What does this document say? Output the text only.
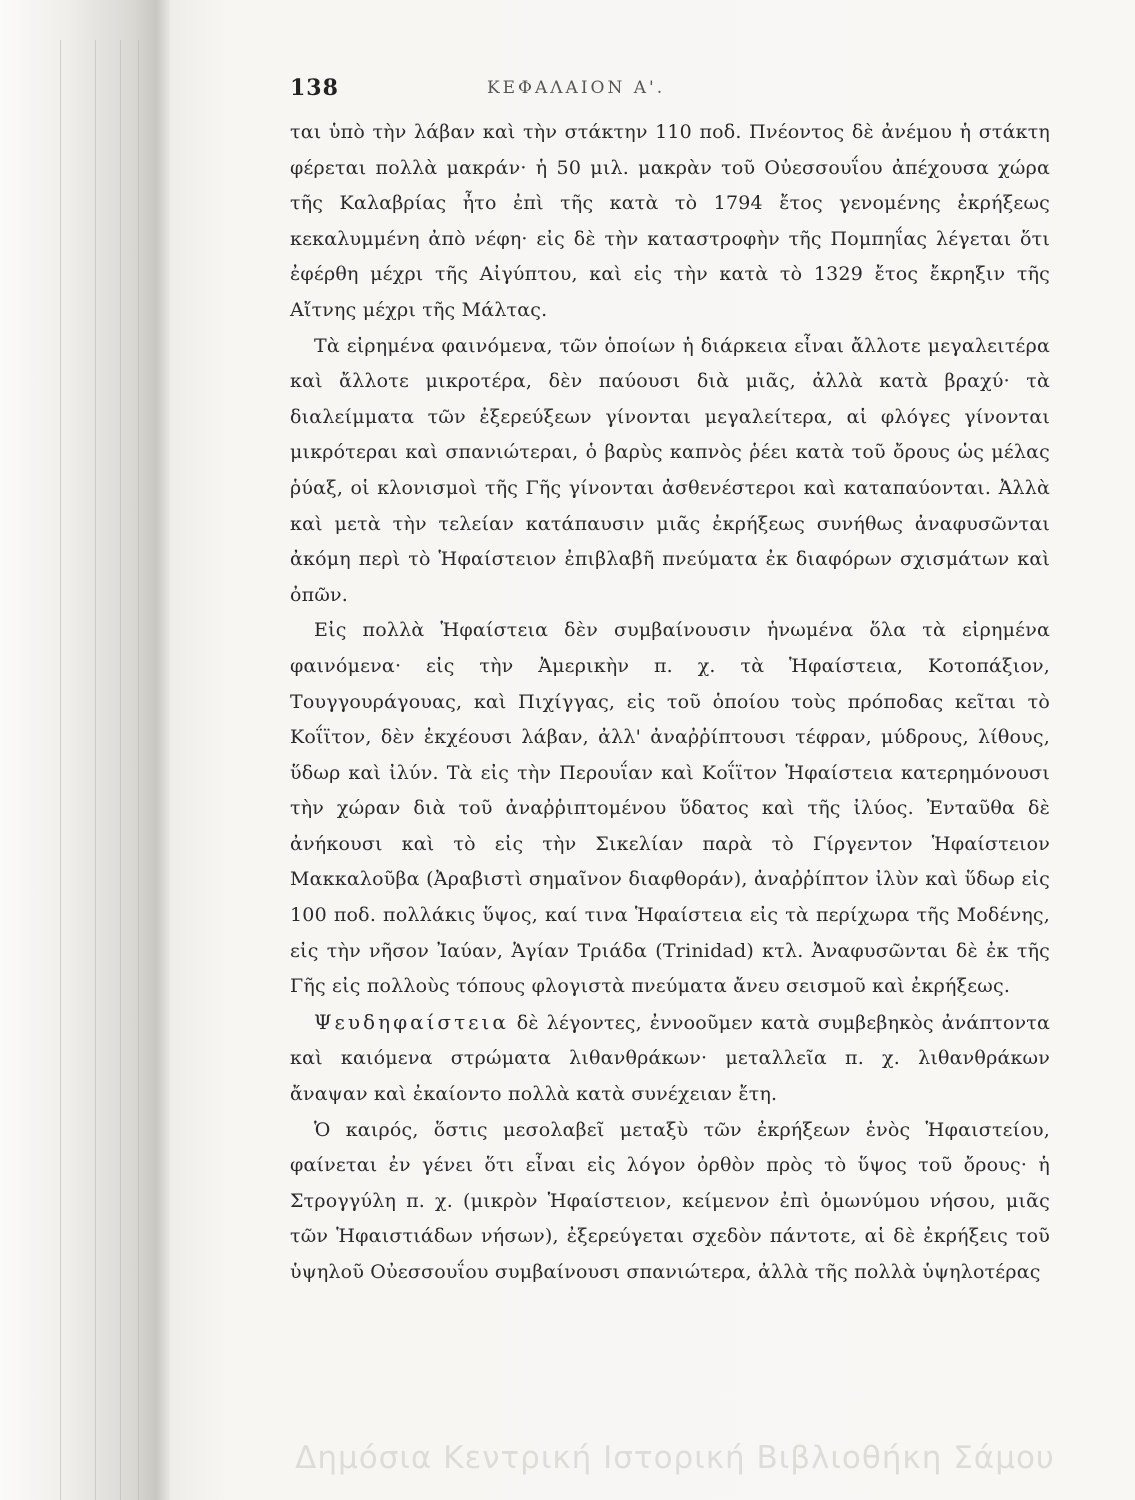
138	ΚΕΦΑΛΑΙΟΝ Α'.

ται ὑπὸ τὴν λάβαν καὶ τὴν στάκτην 110 ποδ. Πνέοντος δὲ ἀνέμου ἡ στάκτη φέρεται πολλὰ μακράν· ἡ 50 μιλ. μακρὰν τοῦ Οὐεσσουΐου ἀπέχουσα χώρα τῆς Καλαβρίας ἦτο ἐπὶ τῆς κατὰ τὸ 1794 ἔτος γενομένης ἐκρήξεως κεκαλυμμένη ἀπὸ νέφη· εἰς δὲ τὴν καταστροφὴν τῆς Πομπηΐας λέγεται ὅτι ἐφέρθη μέχρι τῆς Αἰγύπτου, καὶ εἰς τὴν κατὰ τὸ 1329 ἔτος ἔκρηξιν τῆς Αἴτνης μέχρι τῆς Μάλτας.

Τὰ εἰρημένα φαινόμενα, τῶν ὁποίων ἡ διάρκεια εἶναι ἄλλοτε μεγαλειτέρα καὶ ἄλλοτε μικροτέρα, δὲν παύουσι διὰ μιᾶς, ἀλλὰ κατὰ βραχύ· τὰ διαλείμματα τῶν ἐξερεύξεων γίνονται μεγαλείτερα, αἱ φλόγες γίνονται μικρότεραι καὶ σπανιώτεραι, ὁ βαρὺς καπνὸς ῥέει κατὰ τοῦ ὄρους ὡς μέλας ῥύαξ, οἱ κλονισμοὶ τῆς Γῆς γίνονται ἀσθενέστεροι καὶ καταπαύονται. Ἀλλὰ καὶ μετὰ τὴν τελείαν κατάπαυσιν μιᾶς ἐκρήξεως συνήθως ἀναφυσῶνται ἀκόμη περὶ τὸ Ἡφαίστειον ἐπιβλαβῆ πνεύματα ἐκ διαφόρων σχισμάτων καὶ ὀπῶν.

Εἰς πολλὰ Ἡφαίστεια δὲν συμβαίνουσιν ἡνωμένα ὅλα τὰ εἰρημένα φαινόμενα· εἰς τὴν Ἀμερικὴν π. χ. τὰ Ἡφαίστεια, Κοτοπάξιον, Τουγγουράγουας, καὶ Πιχίγγας, εἰς τοῦ ὁποίου τοὺς πρόποδας κεῖται τὸ Κοΐϊτον, δὲν ἐκχέουσι λάβαν, ἀλλ' ἀναῤῥίπτουσι τέφραν, μύδρους, λίθους, ὕδωρ καὶ ἰλύν. Τὰ εἰς τὴν Περουΐαν καὶ Κοΐϊτον Ἡφαίστεια κατερημόνουσι τὴν χώραν διὰ τοῦ ἀναῤῥιπτομένου ὕδατος καὶ τῆς ἰλύος. Ἐνταῦθα δὲ ἀνήκουσι καὶ τὸ εἰς τὴν Σικελίαν παρὰ τὸ Γίργεντον Ἡφαίστειον Μακκαλοῦβα (Ἀραβιστὶ σημαῖνον διαφθοράν), ἀναῤῥίπτον ἰλὺν καὶ ὕδωρ εἰς 100 ποδ. πολλάκις ὕψος, καί τινα Ἡφαίστεια εἰς τὰ περίχωρα τῆς Μοδένης, εἰς τὴν νῆσον Ἰαύαν, Ἁγίαν Τριάδα (Trinidad) κτλ. Ἀναφυσῶνται δὲ ἐκ τῆς Γῆς εἰς πολλοὺς τόπους φλογιστὰ πνεύματα ἄνευ σεισμοῦ καὶ ἐκρήξεως.

Ψευδηφαίστεια δὲ λέγοντες, ἐννοοῦμεν κατὰ συμβεβηκὸς ἀνάπτοντα καὶ καιόμενα στρώματα λιθανθράκων· μεταλλεῖα π. χ. λιθανθράκων ἄναψαν καὶ ἐκαίοντο πολλὰ κατὰ συνέχειαν ἔτη.

Ὁ καιρός, ὅστις μεσολαβεῖ μεταξὺ τῶν ἐκρήξεων ἑνὸς Ἡφαιστείου, φαίνεται ἐν γένει ὅτι εἶναι εἰς λόγον ὀρθὸν πρὸς τὸ ὕψος τοῦ ὄρους· ἡ Στρογγύλη π. χ. (μικρὸν Ἡφαίστειον, κείμενον ἐπὶ ὁμωνύμου νήσου, μιᾶς τῶν Ἡφαιστιάδων νήσων), ἐξερεύγεται σχεδὸν πάντοτε, αἱ δὲ ἐκρήξεις τοῦ ὑψηλοῦ Οὐεσσουΐου συμβαίνουσι σπανιώτερα, ἀλλὰ τῆς πολλὰ ὑψηλοτέρας

Δημόσια Κεντρική Ιστορική Βιβλιοθήκη Σάμου
